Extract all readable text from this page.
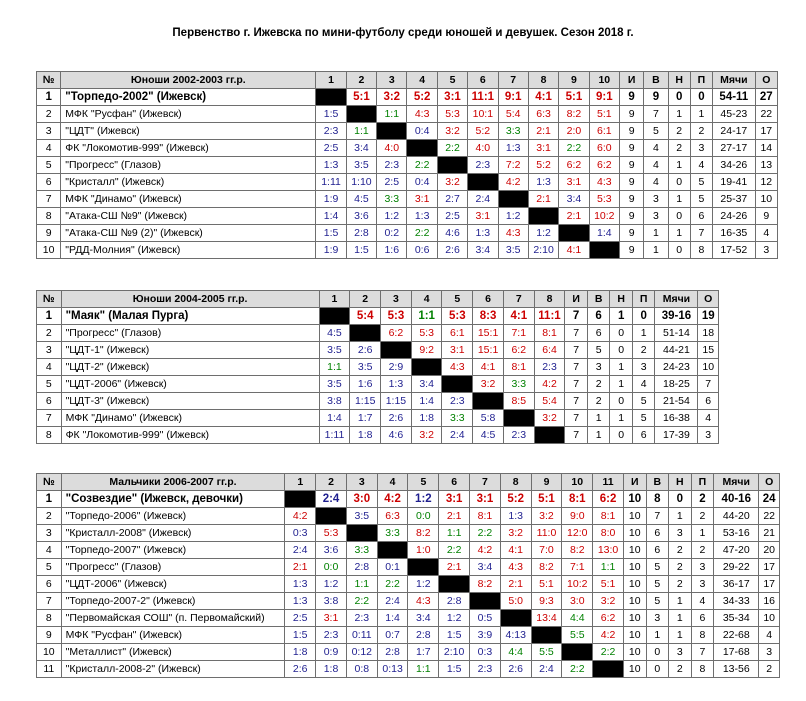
Первенство г. Ижевска по мини-футболу среди юношей и девушек. Сезон 2018 г.
№	Юноши 2002-2003 гг.р.	1	2	3	4	5	6	7	8	9	10	И	В	Н	П	Мячи	О
1	"Торпедо-2002" (Ижевск)		5:1	3:2	5:2	3:1	11:1	9:1	4:1	5:1	9:1	9	9	0	0	54-11	27
2	МФК "Русфан" (Ижевск)	1:5		1:1	4:3	5:3	10:1	5:4	6:3	8:2	5:1	9	7	1	1	45-23	22
3	"ЦДТ" (Ижевск)	2:3	1:1		0:4	3:2	5:2	3:3	2:1	2:0	6:1	9	5	2	2	24-17	17
4	ФК "Локомотив-999" (Ижевск)	2:5	3:4	4:0		2:2	4:0	1:3	3:1	2:2	6:0	9	4	2	3	27-17	14
5	"Прогресс" (Глазов)	1:3	3:5	2:3	2:2		2:3	7:2	5:2	6:2	6:2	9	4	1	4	34-26	13
6	"Кристалл" (Ижевск)	1:11	1:10	2:5	0:4	3:2		4:2	1:3	3:1	4:3	9	4	0	5	19-41	12
7	МФК "Динамо" (Ижевск)	1:9	4:5	3:3	3:1	2:7	2:4		2:1	3:4	5:3	9	3	1	5	25-37	10
8	"Атака-СШ №9" (Ижевск)	1:4	3:6	1:2	1:3	2:5	3:1	1:2		2:1	10:2	9	3	0	6	24-26	9
9	"Атака-СШ №9 (2)" (Ижевск)	1:5	2:8	0:2	2:2	4:6	1:3	4:3	1:2		1:4	9	1	1	7	16-35	4
10	"РДД-Молния" (Ижевск)	1:9	1:5	1:6	0:6	2:6	3:4	3:5	2:10	4:1		9	1	0	8	17-52	3
№	Юноши 2004-2005 гг.р.	1	2	3	4	5	6	7	8	И	В	Н	П	Мячи	О
1	"Маяк" (Малая Пурга)		5:4	5:3	1:1	5:3	8:3	4:1	11:1	7	6	1	0	39-16	19
2	"Прогресс" (Глазов)	4:5		6:2	5:3	6:1	15:1	7:1	8:1	7	6	0	1	51-14	18
3	"ЦДТ-1" (Ижевск)	3:5	2:6		9:2	3:1	15:1	6:2	6:4	7	5	0	2	44-21	15
4	"ЦДТ-2" (Ижевск)	1:1	3:5	2:9		4:3	4:1	8:1	2:3	7	3	1	3	24-23	10
5	"ЦДТ-2006" (Ижевск)	3:5	1:6	1:3	3:4		3:2	3:3	4:2	7	2	1	4	18-25	7
6	"ЦДТ-3" (Ижевск)	3:8	1:15	1:15	1:4	2:3		8:5	5:4	7	2	0	5	21-54	6
7	МФК "Динамо" (Ижевск)	1:4	1:7	2:6	1:8	3:3	5:8		3:2	7	1	1	5	16-38	4
8	ФК "Локомотив-999" (Ижевск)	1:11	1:8	4:6	3:2	2:4	4:5	2:3		7	1	0	6	17-39	3
№	Мальчики 2006-2007 гг.р.	1	2	3	4	5	6	7	8	9	10	11	И	В	Н	П	Мячи	О
1	"Созвездие" (Ижевск, девочки)		2:4	3:0	4:2	1:2	3:1	3:1	5:2	5:1	8:1	6:2	10	8	0	2	40-16	24
2	"Торпедо-2006" (Ижевск)	4:2		3:5	6:3	0:0	2:1	8:1	1:3	3:2	9:0	8:1	10	7	1	2	44-20	22
3	"Кристалл-2008" (Ижевск)	0:3	5:3		3:3	8:2	1:1	2:2	3:2	11:0	12:0	8:0	10	6	3	1	53-16	21
4	"Торпедо-2007" (Ижевск)	2:4	3:6	3:3		1:0	2:2	4:2	4:1	7:0	8:2	13:0	10	6	2	2	47-20	20
5	"Прогресс" (Глазов)	2:1	0:0	2:8	0:1		2:1	3:4	4:3	8:2	7:1	1:1	10	5	2	3	29-22	17
6	"ЦДТ-2006" (Ижевск)	1:3	1:2	1:1	2:2	1:2		8:2	2:1	5:1	10:2	5:1	10	5	2	3	36-17	17
7	"Торпедо-2007-2" (Ижевск)	1:3	3:8	2:2	2:4	4:3	2:8		5:0	9:3	3:0	3:2	10	5	1	4	34-33	16
8	"Первомайская СОШ" (п. Первомайский)	2:5	3:1	2:3	1:4	3:4	1:2	0:5		13:4	4:4	6:2	10	3	1	6	35-34	10
9	МФК "Русфан" (Ижевск)	1:5	2:3	0:11	0:7	2:8	1:5	3:9	4:13		5:5	4:2	10	1	1	8	22-68	4
10	"Металлист" (Ижевск)	1:8	0:9	0:12	2:8	1:7	2:10	0:3	4:4	5:5		2:2	10	0	3	7	17-68	3
11	"Кристалл-2008-2" (Ижевск)	2:6	1:8	0:8	0:13	1:1	1:5	2:3	2:6	2:4	2:2		10	0	2	8	13-56	2
